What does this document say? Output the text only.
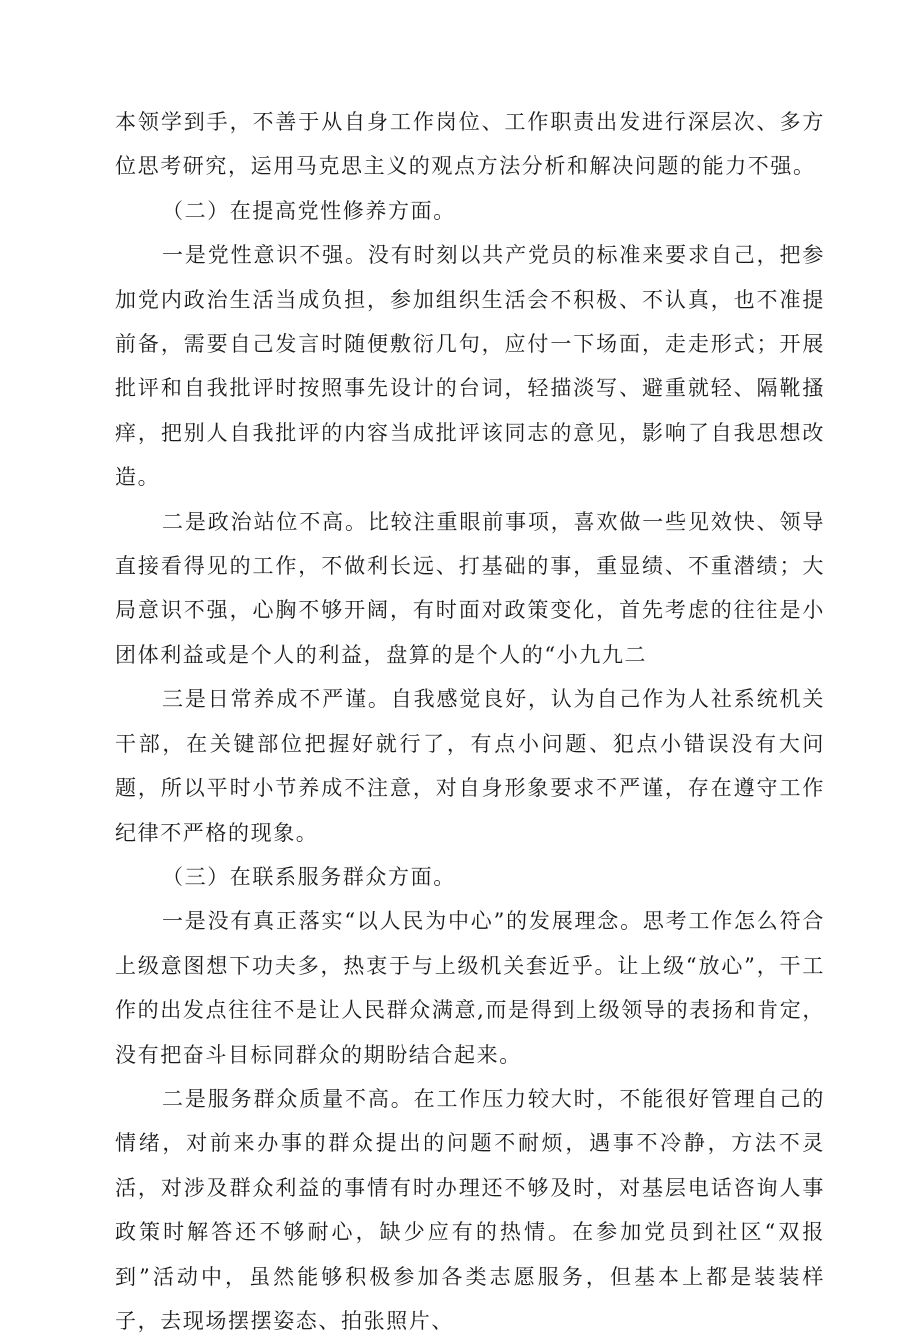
本领学到手，不善于从自身工作岗位、工作职责出发进行深层次、多方位思考研究，运用马克思主义的观点方法分析和解决问题的能力不强。

（二）在提高党性修养方面。

一是党性意识不强。没有时刻以共产党员的标准来要求自己，把参加党内政治生活当成负担，参加组织生活会不积极、不认真，也不准提前备，需要自己发言时随便敷衍几句，应付一下场面，走走形式；开展批评和自我批评时按照事先设计的台词，轻描淡写、避重就轻、隔靴搔痒，把别人自我批评的内容当成批评该同志的意见，影响了自我思想改造。

二是政治站位不高。比较注重眼前事项，喜欢做一些见效快、领导直接看得见的工作，不做利长远、打基础的事，重显绩、不重潜绩；大局意识不强，心胸不够开阔，有时面对政策变化，首先考虑的往往是小团体利益或是个人的利益，盘算的是个人的“小九九二

三是日常养成不严谨。自我感觉良好，认为自己作为人社系统机关干部，在关键部位把握好就行了，有点小问题、犯点小错误没有大问题，所以平时小节养成不注意，对自身形象要求不严谨，存在遵守工作纪律不严格的现象。

（三）在联系服务群众方面。

一是没有真正落实“以人民为中心”的发展理念。思考工作怎么符合上级意图想下功夫多，热衷于与上级机关套近乎。让上级“放心”，干工作的出发点往往不是让人民群众满意,而是得到上级领导的表扬和肯定，没有把奋斗目标同群众的期盼结合起来。

二是服务群众质量不高。在工作压力较大时，不能很好管理自己的情绪，对前来办事的群众提出的问题不耐烦，遇事不冷静，方法不灵活，对涉及群众利益的事情有时办理还不够及时，对基层电话咨询人事政策时解答还不够耐心，缺少应有的热情。在参加党员到社区“双报到”活动中，虽然能够积极参加各类志愿服务，但基本上都是装装样子，去现场摆摆姿态、拍张照片、
